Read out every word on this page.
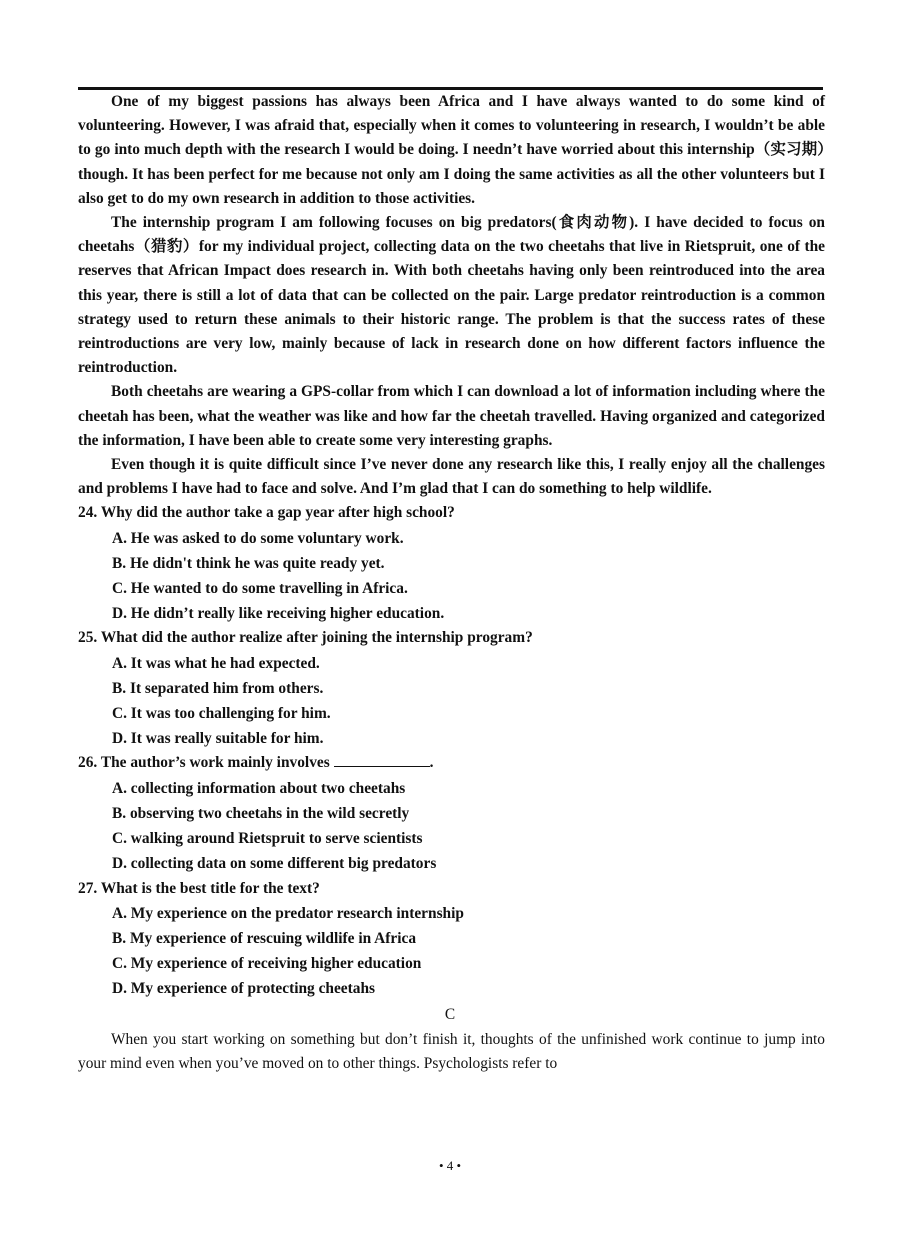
One of my biggest passions has always been Africa and I have always wanted to do some kind of volunteering. However, I was afraid that, especially when it comes to volunteering in research, I wouldn’t be able to go into much depth with the research I would be doing. I needn’t have worried about this internship（实习期）though. It has been perfect for me because not only am I doing the same activities as all the other volunteers but I also get to do my own research in addition to those activities.

The internship program I am following focuses on big predators(食肉动物). I have decided to focus on cheetahs（猎豹）for my individual project, collecting data on the two cheetahs that live in Rietspruit, one of the reserves that African Impact does research in. With both cheetahs having only been reintroduced into the area this year, there is still a lot of data that can be collected on the pair. Large predator reintroduction is a common strategy used to return these animals to their historic range. The problem is that the success rates of these reintroductions are very low, mainly because of lack in research done on how different factors influence the reintroduction.

Both cheetahs are wearing a GPS-collar from which I can download a lot of information including where the cheetah has been, what the weather was like and how far the cheetah travelled. Having organized and categorized the information, I have been able to create some very interesting graphs.

Even though it is quite difficult since I’ve never done any research like this, I really enjoy all the challenges and problems I have had to face and solve. And I’m glad that I can do something to help wildlife.

24. Why did the author take a gap year after high school?

A. He was asked to do some voluntary work.

B. He didn't think he was quite ready yet.

C. He wanted to do some travelling in Africa.

D. He didn’t really like receiving higher education.

25. What did the author realize after joining the internship program?

A. It was what he had expected.

B. It separated him from others.

C. It was too challenging for him.

D. It was really suitable for him.

26. The author’s work mainly involves	.

A. collecting information about two cheetahs

B. observing two cheetahs in the wild secretly

C. walking around Rietspruit to serve scientists

D. collecting data on some different big predators

27. What is the best title for the text?

A. My experience on the predator research internship

B. My experience of rescuing wildlife in Africa

C. My experience of receiving higher education

D. My experience of protecting cheetahs

C

When you start working on something but don’t finish it, thoughts of the unfinished work continue to jump into your mind even when you’ve moved on to other things. Psychologists refer to

• 4 •
